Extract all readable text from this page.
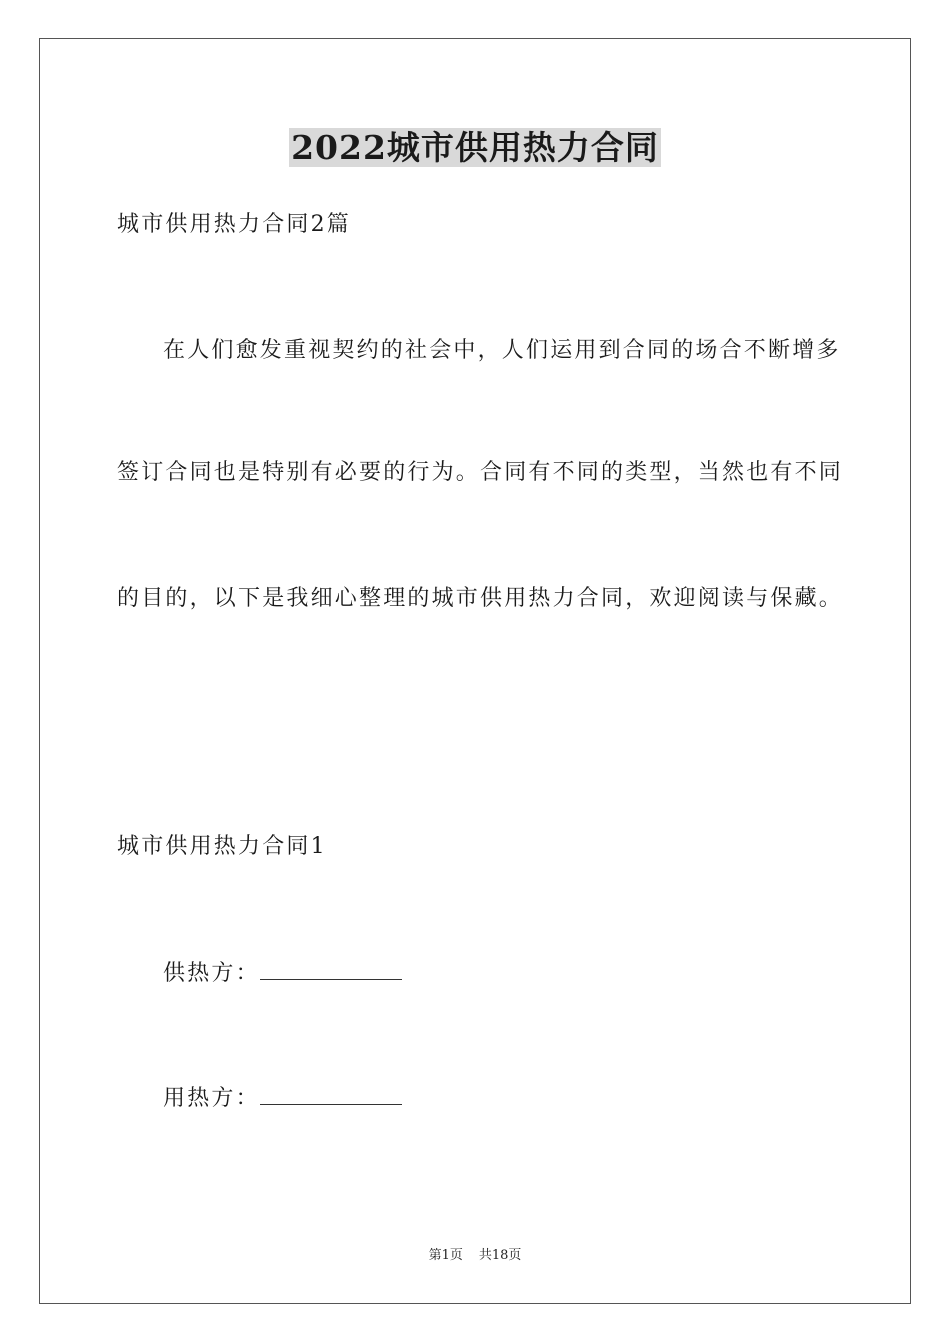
2022城市供用热力合同
城市供用热力合同2篇
在人们愈发重视契约的社会中，人们运用到合同的场合不断增多
签订合同也是特别有必要的行为。合同有不同的类型，当然也有不同
的目的，以下是我细心整理的城市供用热力合同，欢迎阅读与保藏。
城市供用热力合同1
供热方：
用热方：
第1页 共18页
